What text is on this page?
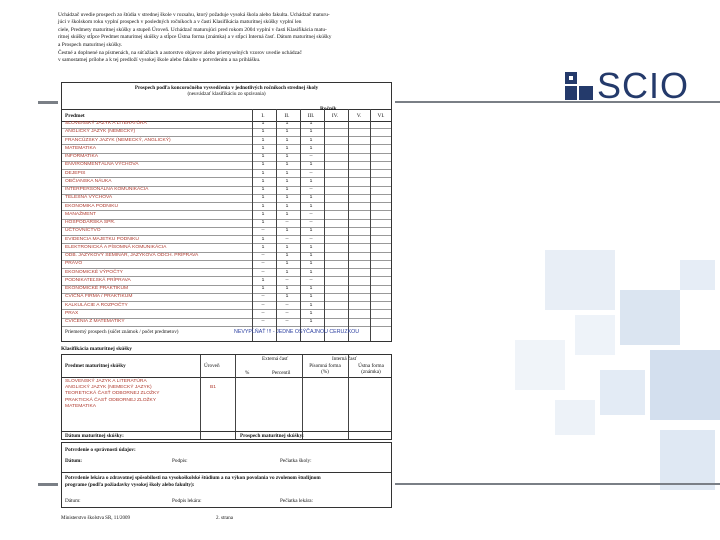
SCIO

Uchádzač uvedie prospech zo štúdia v strednej škole v rozsahu, ktorý požaduje vysoká škola alebo fakulta. Uchádzač maturu-

júci v školskom roku vyplní prospech v posledných ročníkoch a v časti Klasifikácia maturitnej skúšky vyplní len

ciele, Predmety maturitnej skúšky a stupeň Úroveň. Uchádzač maturujúci pred rokom 2004 vyplní v časti Klasifikácia matu-

ritnej skúšky stĺpce Predmet maturitnej skúšky a stĺpce Ústna forma (známka) a v stĺpci Interná časť. Dátum maturitnej skúšky

a Prospech maturitnej skúšky.

Čestné a doplnené na písmenách, na súťažiach a autorstvo objavov alebo priemyselných vzorov uvedie uchádzač

v samostatnej prílohe a k tej predloží vysokej škole alebo fakulte s potvrdením a na prihlášku.

Prospech podľa koncoročného vysvedčenia v jednotlivých ročníkoch strednej školy
(neuvádzať klasifikáciu zo správania)
Predmet
Ročník
I.	II.	III.	IV.	V.	VI.
SLOVENSKÝ JAZYK A LITERATÚRA	1	1	1
ANGLICKÝ JAZYK (NEMECKÝ)	1	1	1
FRANCÚZSKY JAZYK (NEMECKÝ, ANGLICKÝ)	1	1	1
MATEMATIKA	1	1	1
INFORMATIKA	1	1	--
ENVIRONMENTÁLNA VÝCHOVA	1	1	1
DEJEPIS	1	1	--
OBČIANSKA NÁUKA	1	1	1
INTERPERSONÁLNA KOMUNIKÁCIA	1	1	--
TELESNÁ VÝCHOVA	1	1	1
EKONOMIKA PODNIKU	1	1	1
MANAŽMENT	1	1	--
HOSPODÁRSKA SPR.	1	--	--
ÚČTOVNÍCTVO	--	1	1
EVIDENCIA MAJETKU PODNIKU	1	--	--
ELEKTRONICKÁ A PÍSOMNÁ KOMUNIKÁCIA	1	1	1
ODB. JAZYKOVÝ SEMINÁR, JAZYKOVÁ ODCH. PRÍPRAVA	--	1	1
PRÁVO	--	1	1
EKONOMICKÉ VÝPOČTY	--	1	1
PODNIKATEĽSKÁ PRÍPRAVA	1	--	--
EKONOMICKÉ PRAKTIKUM	1	1	1
CVIČNÁ FIRMA / PRAKTIKUM	--	1	1
KALKULÁCIE A ROZPOČTY	--	--	1
PRAX	--	--	1
CVIČENIA Z MATEMATIKY	--	--	1
Priemerný prospech (súčet známok / počet predmetov)	NEVYPĹŇAŤ !!! - JEDNE OSÝČAJNOU CERUZKOU
Klasifikácia maturitnej skúšky
Predmet maturitnej skúšky	Úroveň
Externá časť	Interná časť
%	Percentil
Písomná forma (%)
Ústna forma (známka)
SLOVENSKÝ JAZYK A LITERATÚRA
ANGLICKÝ JAZYK (NEMECKÝ JAZYK)	B1
TEORETICKÁ ČASŤ ODBORNEJ ZLOŽKY
PRAKTICKÁ ČASŤ ODBORNEJ ZLOŽKY
MATEMATIKA
Dátum maturitnej skúšky:	Prospech maturitnej skúšky:
Potvrdenie o správnosti údajov:
Dátum:	Podpis:	Pečiatka školy:
Potvrdenie lekára o zdravotnej spôsobilosti na vysokoškolské štúdium a na výkon povolania vo zvolenom študijnom
programe (podľa požiadavky vysokej školy alebo fakulty):
Dátum:	Podpis lekára:	Pečiatka lekára:
Ministerstvo školstva SR, 11/2009	2. strana
